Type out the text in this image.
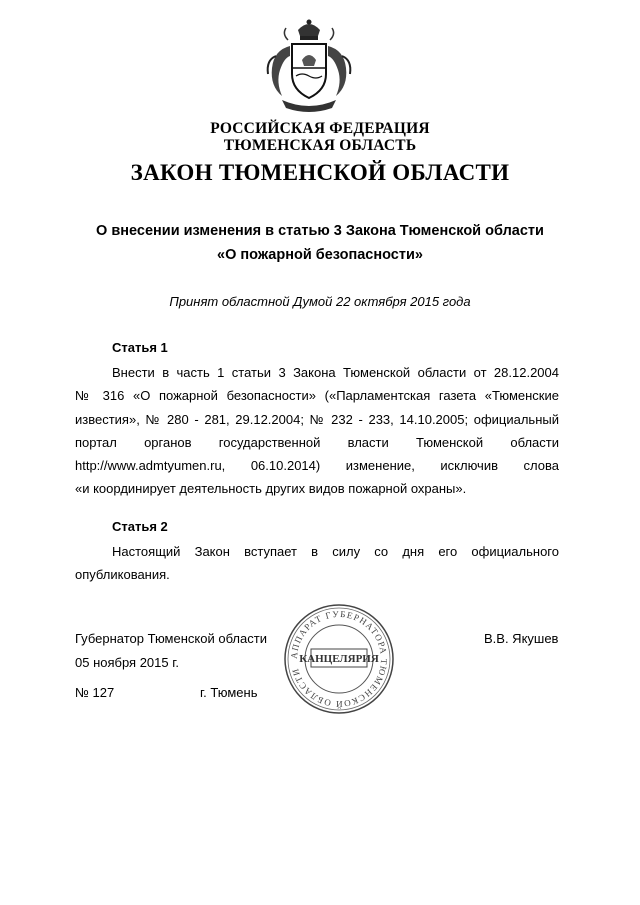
РОССИЙСКАЯ ФЕДЕРАЦИЯ
ТЮМЕНСКАЯ ОБЛАСТЬ
ЗАКОН ТЮМЕНСКОЙ ОБЛАСТИ
О внесении изменения в статью 3 Закона Тюменской области
«О пожарной безопасности»
Принят областной Думой 22 октября 2015 года
Статья 1
Внести в часть 1 статьи 3 Закона Тюменской области от 28.12.2004
№ 316 «О пожарной безопасности» («Парламентская газета «Тюменские
известия», № 280 - 281, 29.12.2004; № 232 - 233, 14.10.2005; официальный
портал органов государственной власти Тюменской области
http://www.admtyumen.ru, 06.10.2014) изменение, исключив слова
«и координирует деятельность других видов пожарной охраны».
Статья 2
Настоящий Закон вступает в силу со дня его официального
опубликования.
Губернатор Тюменской области
05 ноября 2015 г.
№ 127	г. Тюмень
В.В. Якушев
АППАРАТ ГУБЕРНАТОРА ТЮМЕНСКОЙ ОБЛАСТИ
КАНЦЕЛЯРИЯ
